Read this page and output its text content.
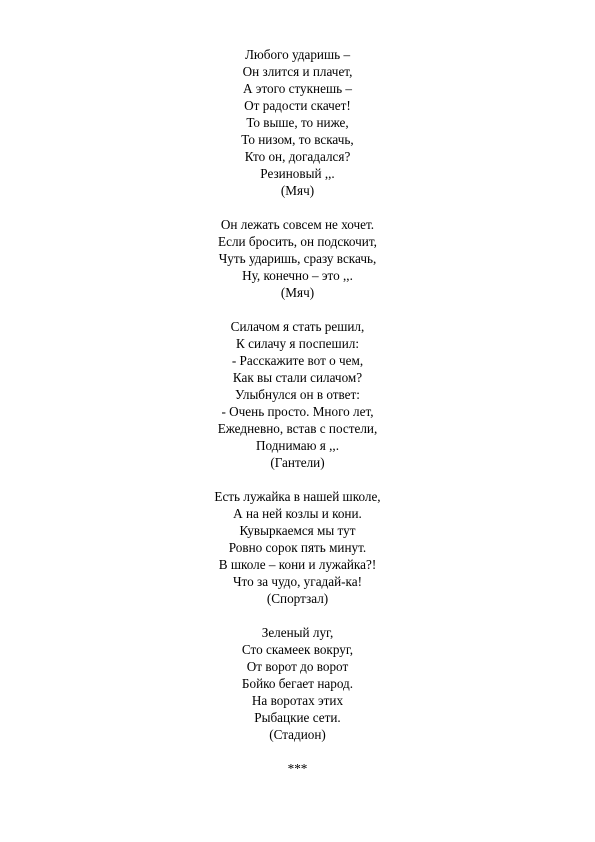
Любого ударишь –
Он злится и плачет,
А этого стукнешь –
От радости скачет!
То выше, то ниже,
То низом, то вскачь,
Кто он, догадался?
Резиновый ,,.
(Мяч)
Он лежать совсем не хочет.
Если бросить, он подскочит,
Чуть ударишь, сразу вскачь,
Ну, конечно – это ,,.
(Мяч)
Силачом я стать решил,
К силачу я поспешил:
- Расскажите вот о чем,
Как вы стали силачом?
Улыбнулся он в ответ:
- Очень просто. Много лет,
Ежедневно, встав с постели,
Поднимаю я ,,.
(Гантели)
Есть лужайка в нашей школе,
А на ней козлы и кони.
Кувыркаемся мы тут
Ровно сорок пять минут.
В школе – кони и лужайка?!
Что за чудо, угадай-ка!
(Спортзал)
Зеленый луг,
Сто скамеек вокруг,
От ворот до ворот
Бойко бегает народ.
На воротах этих
Рыбацкие сети.
(Стадион)
***
